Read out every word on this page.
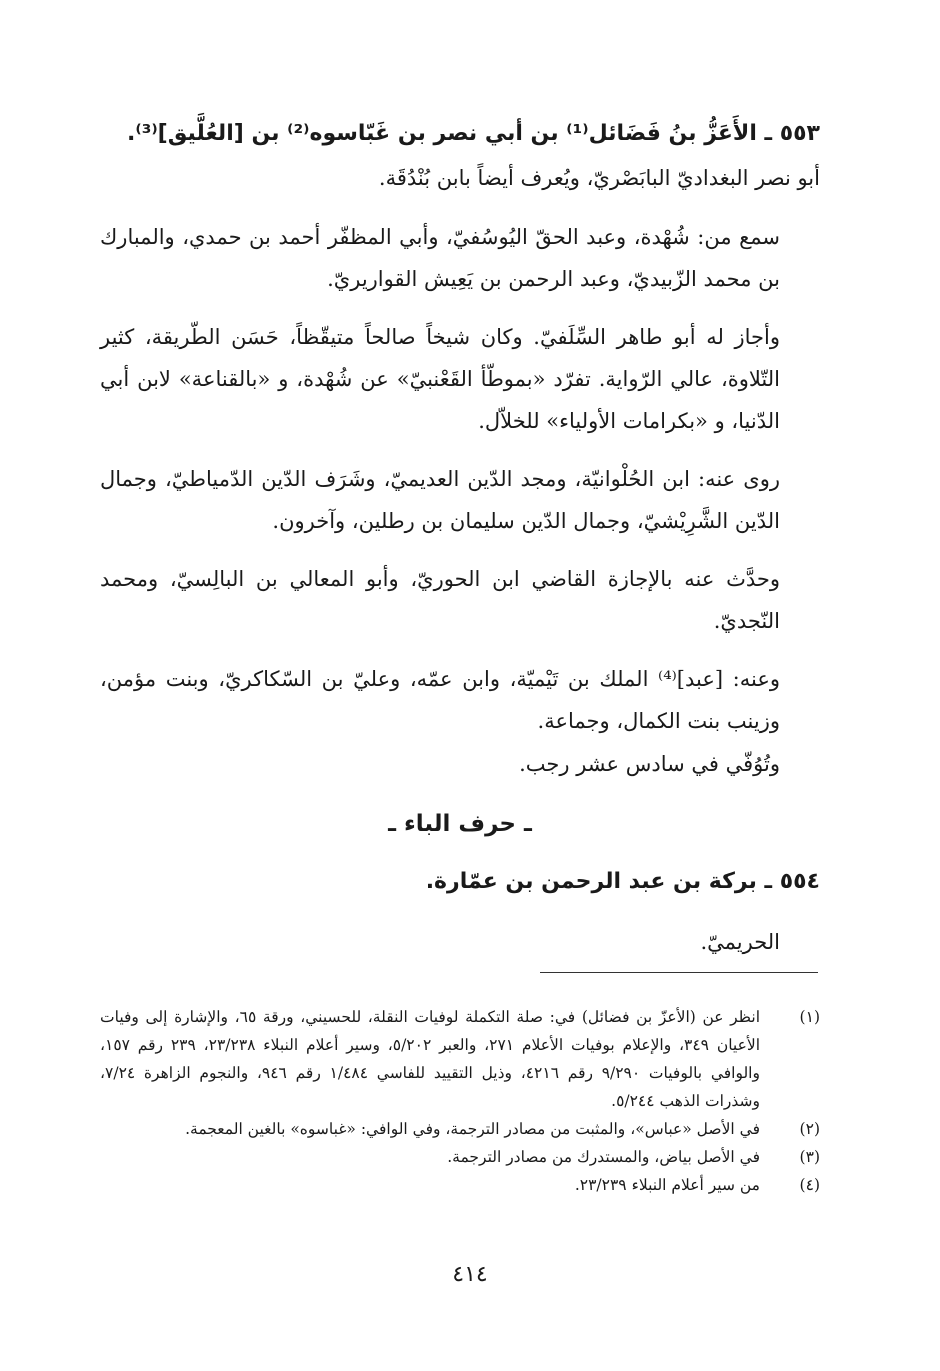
٥٥٣ ـ الأَعَزُّ بنُ فَضَائل⁽¹⁾ بن أبي نصر بن غَبّاسوه⁽²⁾ بن [العُلَّيق]⁽³⁾.

أبو نصر البغداديّ البابَصْريّ، ويُعرف أيضاً بابن بُنْدُقَة.

سمع من: شُهْدة، وعبد الحقّ اليُوسُفيّ، وأبي المظفّر أحمد بن حمدي، والمبارك بن محمد الزّبيديّ، وعبد الرحمن بن يَعِيش القواريريّ.

وأجاز له أبو طاهر السِّلَفيّ. وكان شيخاً صالحاً متيقّظاً، حَسَن الطّريقة، كثير التّلاوة، عالي الرّواية. تفرّد «بموطّأ القَعْنبيّ» عن شُهْدة، و «بالقناعة» لابن أبي الدّنيا، و «بكرامات الأولياء» للخلاّل.

روى عنه: ابن الحُلْوانيّة، ومجد الدّين العديميّ، وشَرَف الدّين الدّمياطيّ، وجمال الدّين الشَّرِيْشيّ، وجمال الدّين سليمان بن رطلين، وآخرون.

وحدَّث عنه بالإجازة القاضي ابن الحوريّ، وأبو المعالي بن البالِسيّ، ومحمد النّجديّ.

وعنه: [عبد]⁽⁴⁾ الملك بن تَيْميّة، وابن عمّه، وعليّ بن السّكاكريّ، وبنت مؤمن، وزينب بنت الكمال، وجماعة.

وتُوُفّي في سادس عشر رجب.

ـ حرف الباء ـ

٥٥٤ ـ بركة بن عبد الرحمن بن عمّارة.

الحريميّ.

(١)
انظر عن (الأعزّ بن فضائل) في: صلة التكملة لوفيات النقلة، للحسيني، ورقة ٦٥، والإشارة إلى وفيات الأعيان ٣٤٩، والإعلام بوفيات الأعلام ٢٧١، والعبر ٥/٢٠٢، وسير أعلام النبلاء ٢٣/٢٣٨، ٢٣٩ رقم ١٥٧، والوافي بالوفيات ٩/٢٩٠ رقم ٤٢١٦، وذيل التقييد للفاسي ١/٤٨٤ رقم ٩٤٦، والنجوم الزاهرة ٧/٢٤، وشذرات الذهب ٥/٢٤٤.
(٢)
في الأصل «عباس»، والمثبت من مصادر الترجمة، وفي الوافي: «غباسوه» بالغين المعجمة.
(٣)
في الأصل بياض، والمستدرك من مصادر الترجمة.
(٤)
من سير أعلام النبلاء ٢٣/٢٣٩.
٤١٤
